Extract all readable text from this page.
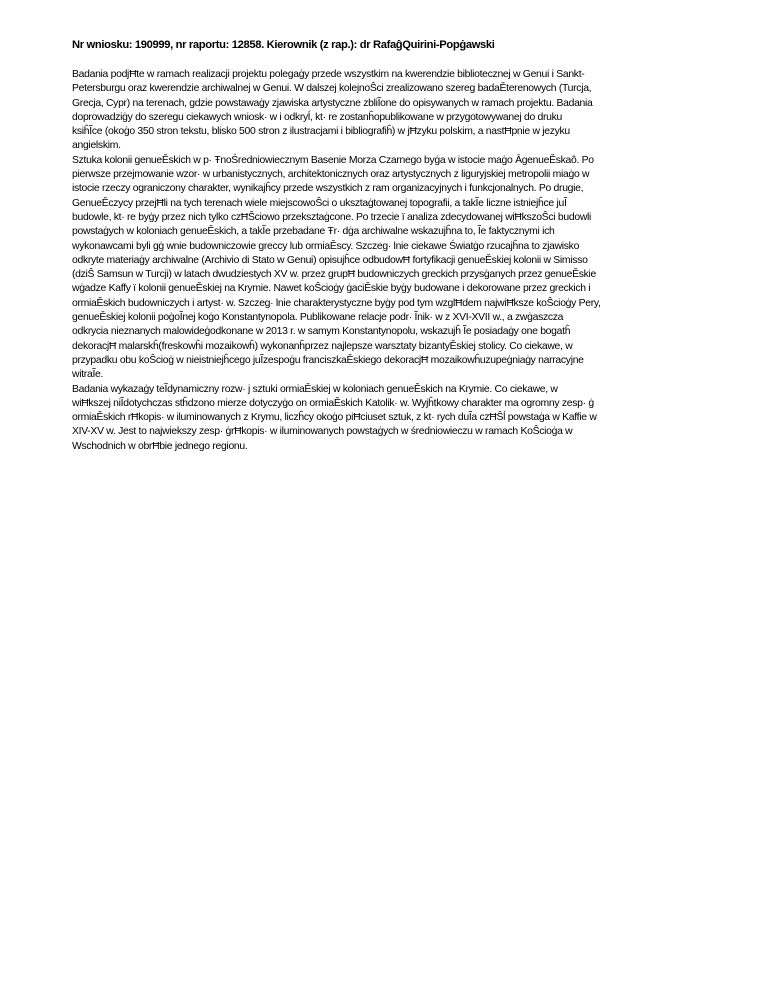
Nr wniosku: 190999, nr raportu: 12858. Kierownik (z rap.): dr RafaĝQuirini-Popġawski
Badania podjĦte w ramach realizacji projektu polegaġy przede wszystkim na kwerendzie bibliotecznej w Genui i Sankt-
Petersburgu oraz kwerendzie archiwalnej w Genui. W dalszej kolejnoŜci zrealizowano szereg badaĚterenowych (Turcja,
Grecja, Cypr) na terenach, gdzie powstawaġy zjawiska artystyczne zbliĨone do opisywanych w ramach projektu. Badania
doprowadziġy do szeregu ciekawych wniosk· w i odkryĺ, kt· re zostanĥopublikowane w przygotowywanej do druku
ksiĥĨce (okoġo 350 stron tekstu, blisko 500 stron z ilustracjami i bibliografiĥ) w jĦzyku polskim, a nastĦpnie w jezyku
angielskim.
Sztuka kolonii genueĚskich w p· ŦnoŚredniowiecznym Basenie Morza Czarnego byġa w istocie maġo ĀgenueĚskaô. Po
pierwsze przejmowanie wzor· w urbanistycznych, architektonicznych oraz artystycznych z liguryjskiej metropolii miaġo w
istocie rzeczy ograniczony charakter, wynikajĥcy przede wszystkich z ram organizacyjnych i funkcjonalnych. Po drugie,
GenueĚczycy przejĦli na tych terenach wiele miejscowoŜci o uksztaġtowanej topografii, a takĨe liczne istniejĥce juĨ
budowle, kt· re byġy przez nich tylko czĦŜciowo przeksztaġcone. Po trzecie ï analiza zdecydowanej wiĦkszoŜci budowli
powstaġych w koloniach genueĚskich, a takĨe przebadane Ŧr· dġa archiwalne wskazujĥna to, Ĩe faktycznymi ich
wykonawcami byli gġ wnie budowniczowie greccy lub ormiaĚscy. Szczeg· lnie ciekawe Światġo rzucajĥna to zjawisko
odkryte materiaġy archiwalne (Archivio di Stato w Genui) opisujĥce odbudowĦ fortyfikacji genueĚskiej kolonii w Simisso
(dziŜ Samsun w Turcji) w latach dwudziestych XV w. przez grupĦ budowniczych greckich przysġanych przez genueĚskie
wġadze Kaffy ï kolonii genueĚskiej na Krymie. Nawet koŜcioġy ġaciĚskie byġy budowane i dekorowane przez greckich i
ormiaĚskich budowniczych i artyst· w. Szczeg· lnie charakterystyczne byġy pod tym wzglĦdem najwiĦksze koŜcioġy Pery,
genueĚskiej kolonii poġoĨnej koġo Konstantynopola. Publikowane relacje podr· Ĩnik· w z XVI-XVII w., a zwġaszcza
odkrycia nieznanych malowideġodkonane w 2013 r. w samym Konstantynopolu, wskazujĥ Ĩe posiadaġy one bogatĥ
dekoracjĦ malarskĥ(freskowĥi mozaikowĥ) wykonanĥprzez najlepsze warsztaty bizantyĚskiej stolicy. Co ciekawe, w
przypadku obu koŜcioġ w nieistniejĥcego juĨzespoġu franciszkaĚskiego dekoracjĦ mozaikowĥuzupeġniaġy narracyjne
witraĨe.
Badania wykazaġy teĨdynamiczny rozw· j sztuki ormiaĚskiej w koloniach genueĚskich na Krymie. Co ciekawe, w
wiĦkszej niĨdotychczas stĥdzono mierze dotyczyġo on ormiaĚskich Katolik· w. Wyjĥtkowy charakter ma ogromny zesp· ġ
ormiaĚskich rĦkopis· w iluminowanych z Krymu, liczĥcy okoġo piĦciuset sztuk, z kt· rych duĨa czĦŜĺ powstaġa w Kaffie w
XIV-XV w. Jest to najwiekszy zesp· ġrĦkopis· w iluminowanych powstaġych w średniowieczu w ramach KoŜcioġa w
Wschodnich w obrĦbie jednego regionu.
